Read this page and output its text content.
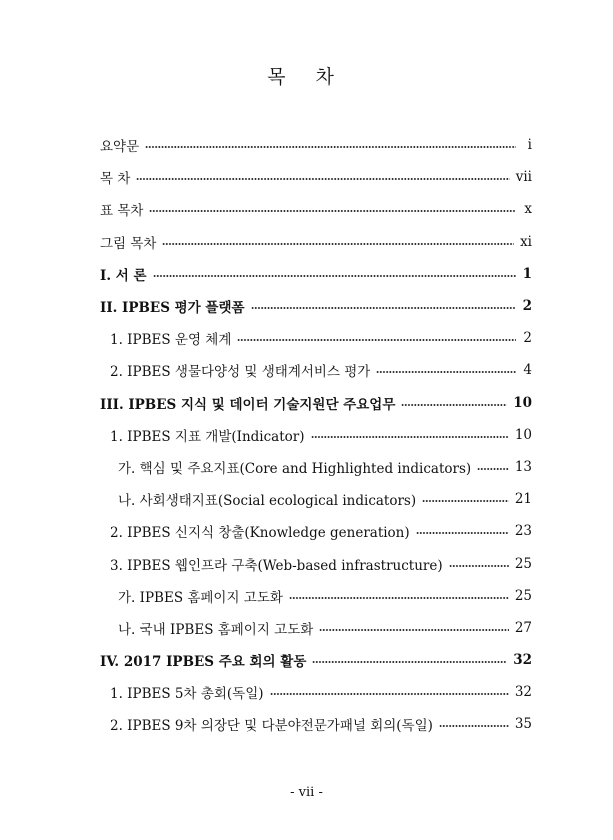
목 차
요약문	i
목 차	vii
표 목차	x
그림 목차	xi
I. 서 론	1
II. IPBES 평가 플랫폼	2
1. IPBES 운영 체계	2
2. IPBES 생물다양성 및 생태계서비스 평가	4
III. IPBES 지식 및 데이터 기술지원단 주요업무	10
1. IPBES 지표 개발(Indicator)	10
가. 핵심 및 주요지표(Core and Highlighted indicators)	13
나. 사회생태지표(Social ecological indicators)	21
2. IPBES 신지식 창출(Knowledge generation)	23
3. IPBES 웹인프라 구축(Web-based infrastructure)	25
가. IPBES 홈페이지 고도화	25
나. 국내 IPBES 홈페이지 고도화	27
IV. 2017 IPBES 주요 회의 활동	32
1. IPBES 5차 총회(독일)	32
2. IPBES 9차 의장단 및 다분야전문가패널 회의(독일)	35
- vii -
